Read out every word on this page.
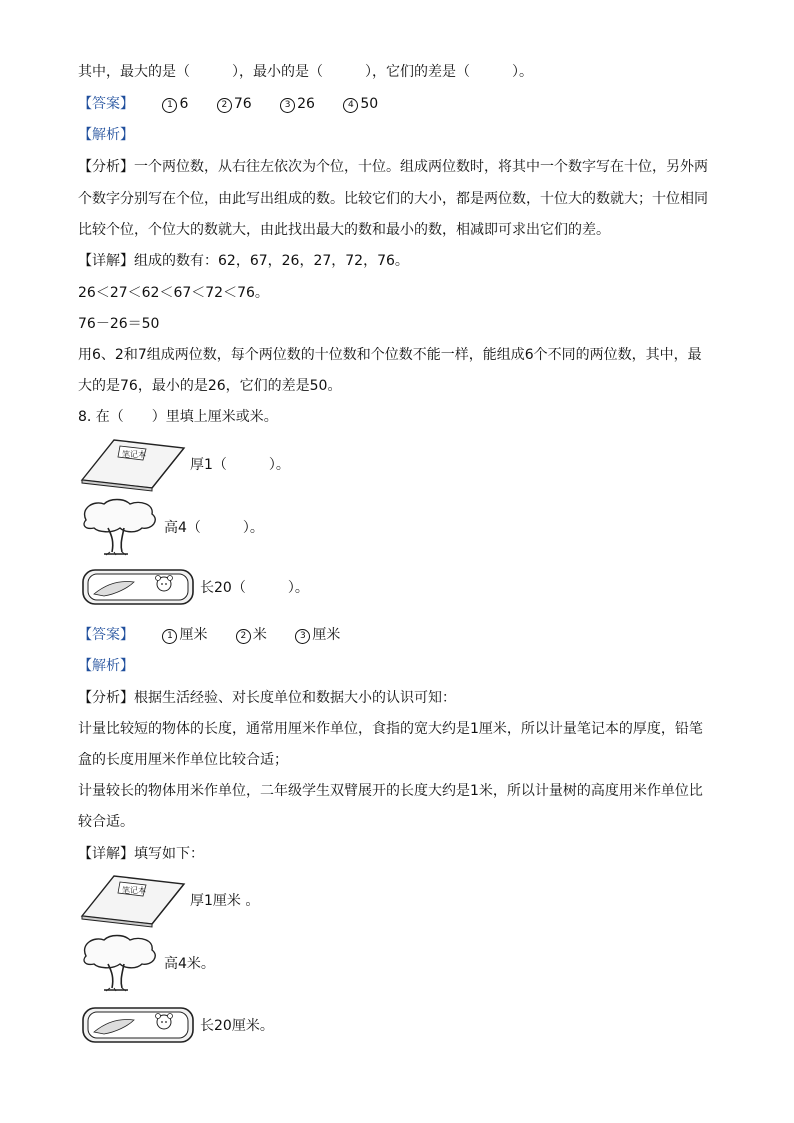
其中，最大的是（　　　），最小的是（　　　），它们的差是（　　　）。
【答案】	1 6	2 76	3 26	4 50
【解析】
【分析】一个两位数，从右往左依次为个位，十位。组成两位数时，将其中一个数字写在十位，另外两
个数字分别写在个位，由此写出组成的数。比较它们的大小，都是两位数，十位大的数就大；十位相同
比较个位，个位大的数就大，由此找出最大的数和最小的数，相减即可求出它们的差。
【详解】组成的数有：62，67，26，27，72，76。
26＜27＜62＜67＜72＜76。
76－26＝50
用6、2和7组成两位数，每个两位数的十位数和个位数不能一样，能组成6个不同的两位数，其中，最
大的是76，最小的是26，它们的差是50。
8. 在（　　）里填上厘米或米。
笔记本
厚1（　　　）。
高4（　　　）。
长20（　　　）。
【答案】	1 厘米	2 米	3 厘米
【解析】
【分析】根据生活经验、对长度单位和数据大小的认识可知：
计量比较短的物体的长度，通常用厘米作单位，食指的宽大约是1厘米，所以计量笔记本的厚度，铅笔
盒的长度用厘米作单位比较合适；
计量较长的物体用米作单位，二年级学生双臂展开的长度大约是1米，所以计量树的高度用米作单位比
较合适。
【详解】填写如下：
笔记本
厚1厘米 。
高4米。
长20厘米。
